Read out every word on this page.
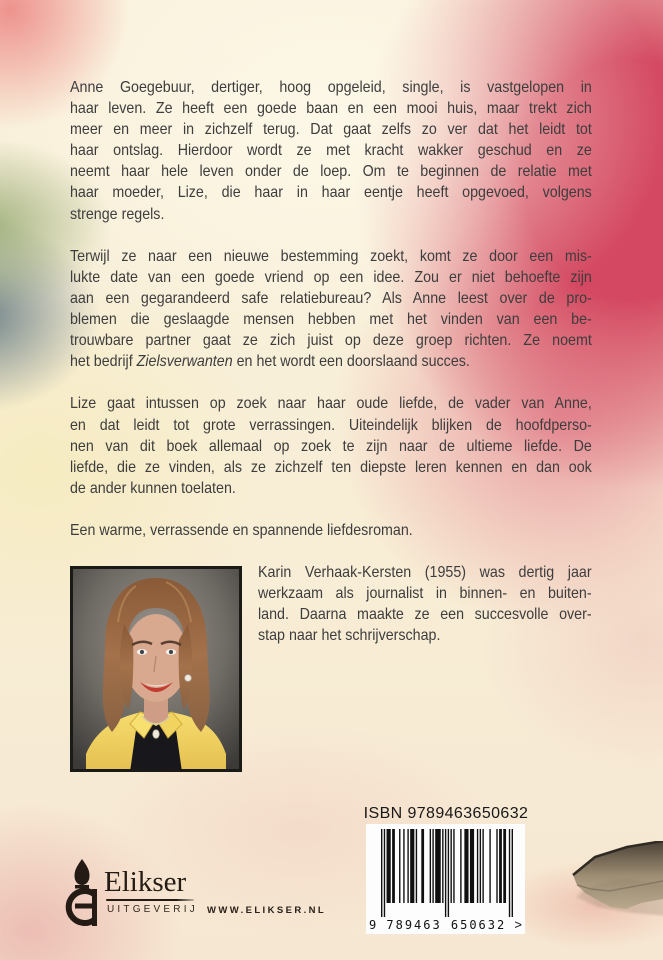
Anne Goegebuur, dertiger, hoog opgeleid, single, is vastgelopen in
haar leven. Ze heeft een goede baan en een mooi huis, maar trekt zich
meer en meer in zichzelf terug. Dat gaat zelfs zo ver dat het leidt tot
haar ontslag. Hierdoor wordt ze met kracht wakker geschud en ze
neemt haar hele leven onder de loep. Om te beginnen de relatie met
haar moeder, Lize, die haar in haar eentje heeft opgevoed, volgens
strenge regels.
Terwijl ze naar een nieuwe bestemming zoekt, komt ze door een mis-
lukte date van een goede vriend op een idee. Zou er niet behoefte zijn
aan een gegarandeerd safe relatiebureau? Als Anne leest over de pro-
blemen die geslaagde mensen hebben met het vinden van een be-
trouwbare partner gaat ze zich juist op deze groep richten. Ze noemt
het bedrijf Zielsverwanten en het wordt een doorslaand succes.
Lize gaat intussen op zoek naar haar oude liefde, de vader van Anne,
en dat leidt tot grote verrassingen. Uiteindelijk blijken de hoofdperso-
nen van dit boek allemaal op zoek te zijn naar de ultieme liefde. De
liefde, die ze vinden, als ze zichzelf ten diepste leren kennen en dan ook
de ander kunnen toelaten.
Een warme, verrassende en spannende liefdesroman.
Karin Verhaak-Kersten (1955) was dertig jaar
werkzaam als journalist in binnen- en buiten-
land. Daarna maakte ze een succesvolle over-
stap naar het schrijverschap.
ISBN 9789463650632
9 789463 650632 >
Elikser
UITGEVERIJ WWW.ELIKSER.NL
